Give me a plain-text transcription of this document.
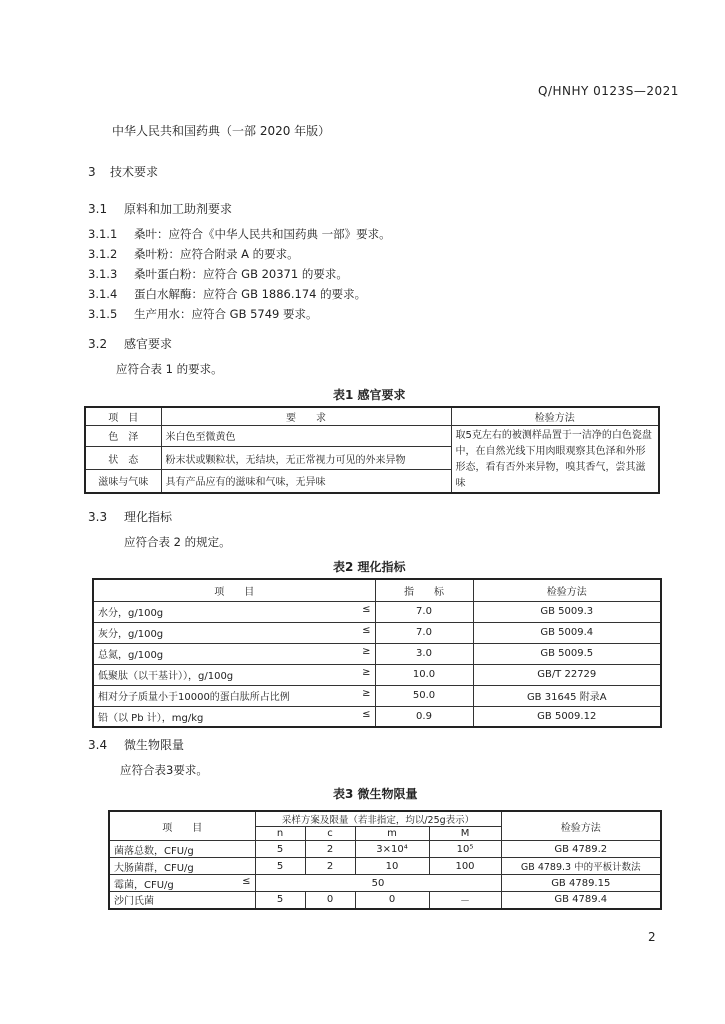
Q/HNHY 0123S—2021
中华人民共和国药典（一部 2020 年版）
3 技术要求
3.1 原料和加工助剂要求
3.1.1 桑叶：应符合《中华人民共和国药典 一部》要求。
3.1.2 桑叶粉：应符合附录 A 的要求。
3.1.3 桑叶蛋白粉：应符合 GB 20371 的要求。
3.1.4 蛋白水解酶：应符合 GB 1886.174 的要求。
3.1.5 生产用水：应符合 GB 5749 要求。
3.2 感官要求
应符合表 1 的要求。
表1 感官要求
项　目	要　　求	检验方法
色　泽	米白色至微黄色	取5克左右的被测样品置于一洁净的白色瓷盘中，在自然光线下用肉眼观察其色泽和外形形态，看有否外来异物，嗅其香气，尝其滋味
状　态	粉末状或颗粒状，无结块，无正常视力可见的外来异物	
滋味与气味	具有产品应有的滋味和气味，无异味	
3.3 理化指标
应符合表 2 的规定。
表2 理化指标
项　　目	指　　标	检验方法
水分，g/100g ≤	7.0	GB 5009.3
灰分，g/100g ≤	7.0	GB 5009.4
总氮，g/100g ≥	3.0	GB 5009.5
低聚肽（以干基计）），g/100g ≥	10.0	GB/T 22729
相对分子质量小于10000的蛋白肽所占比例 ≥	50.0	GB 31645 附录A
铅（以 Pb 计），mg/kg ≤	0.9	GB 5009.12
3.4 微生物限量
应符合表3要求。
表3 微生物限量
项　　目	采样方案及限量（若非指定，均以/25g表示）				检验方法
	n	c	m	M	
菌落总数，CFU/g	5	2	3×10⁴	10⁵	GB 4789.2
大肠菌群，CFU/g	5	2	10	100	GB 4789.3 中的平板计数法
霉菌，CFU/g ≤	50				GB 4789.15
沙门氏菌	5	0	0	－	GB 4789.4
2
